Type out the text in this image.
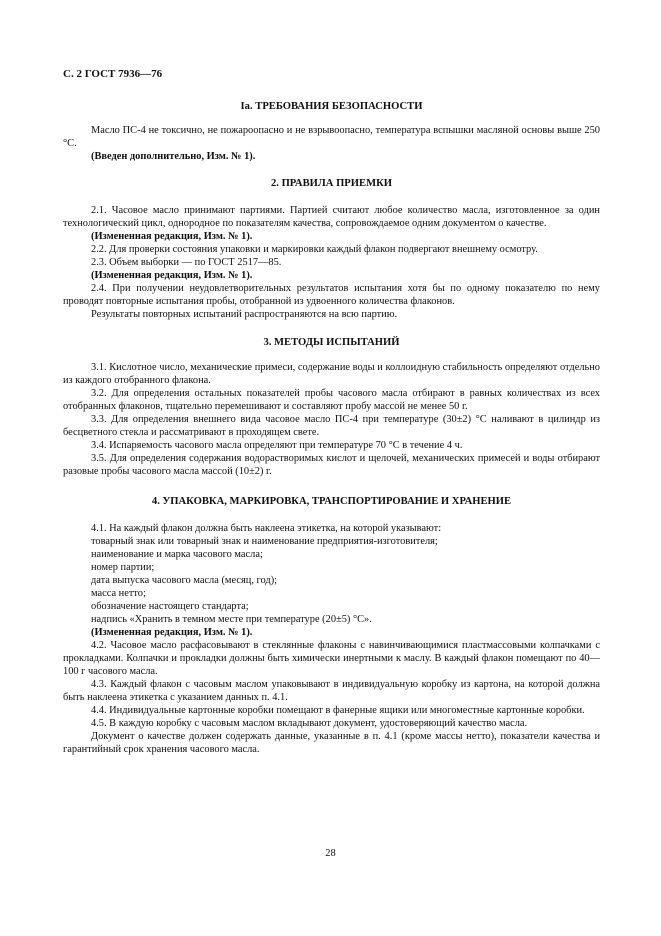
С. 2 ГОСТ 7936—76
Iа. ТРЕБОВАНИЯ БЕЗОПАСНОСТИ

Масло ПС-4 не токсично, не пожароопасно и не взрывоопасно, температура вспышки масляной основы выше 250 °С.

(Введен дополнительно, Изм. № 1).

2. ПРАВИЛА ПРИЕМКИ

2.1. Часовое масло принимают партиями. Партией считают любое количество масла, изготовленное за один технологический цикл, однородное по показателям качества, сопровождаемое одним документом о качестве.

(Измененная редакция, Изм. № 1).

2.2. Для проверки состояния упаковки и маркировки каждый флакон подвергают внешнему осмотру.

2.3. Объем выборки — по ГОСТ 2517—85.

(Измененная редакция, Изм. № 1).

2.4. При получении неудовлетворительных результатов испытания хотя бы по одному показателю по нему проводят повторные испытания пробы, отобранной из удвоенного количества флаконов.

Результаты повторных испытаний распространяются на всю партию.

3. МЕТОДЫ ИСПЫТАНИЙ

3.1. Кислотное число, механические примеси, содержание воды и коллоидную стабильность определяют отдельно из каждого отобранного флакона.

3.2. Для определения остальных показателей пробы часового масла отбирают в равных количествах из всех отобранных флаконов, тщательно перемешивают и составляют пробу массой не менее 50 г.

3.3. Для определения внешнего вида часовое масло ПС-4 при температуре (30±2) °С наливают в цилиндр из бесцветного стекла и рассматривают в проходящем свете.

3.4. Испаряемость часового масла определяют при температуре 70 °С в течение 4 ч.

3.5. Для определения содержания водорастворимых кислот и щелочей, механических примесей и воды отбирают разовые пробы часового масла массой (10±2) г.

4. УПАКОВКА, МАРКИРОВКА, ТРАНСПОРТИРОВАНИЕ И ХРАНЕНИЕ

4.1. На каждый флакон должна быть наклеена этикетка, на которой указывают:

товарный знак или товарный знак и наименование предприятия-изготовителя;

наименование и марка часового масла;

номер партии;

дата выпуска часового масла (месяц, год);

масса нетто;

обозначение настоящего стандарта;

надпись «Хранить в темном месте при температуре (20±5) °С».

(Измененная редакция, Изм. № 1).

4.2. Часовое масло расфасовывают в стеклянные флаконы с навинчивающимися пластмассовыми колпачками с прокладками. Колпачки и прокладки должны быть химически инертными к маслу. В каждый флакон помещают по 40—100 г часового масла.

4.3. Каждый флакон с часовым маслом упаковывают в индивидуальную коробку из картона, на которой должна быть наклеена этикетка с указанием данных п. 4.1.

4.4. Индивидуальные картонные коробки помещают в фанерные ящики или многоместные картонные коробки.

4.5. В каждую коробку с часовым маслом вкладывают документ, удостоверяющий качество масла.

Документ о качестве должен содержать данные, указанные в п. 4.1 (кроме массы нетто), показатели качества и гарантийный срок хранения часового масла.

28
